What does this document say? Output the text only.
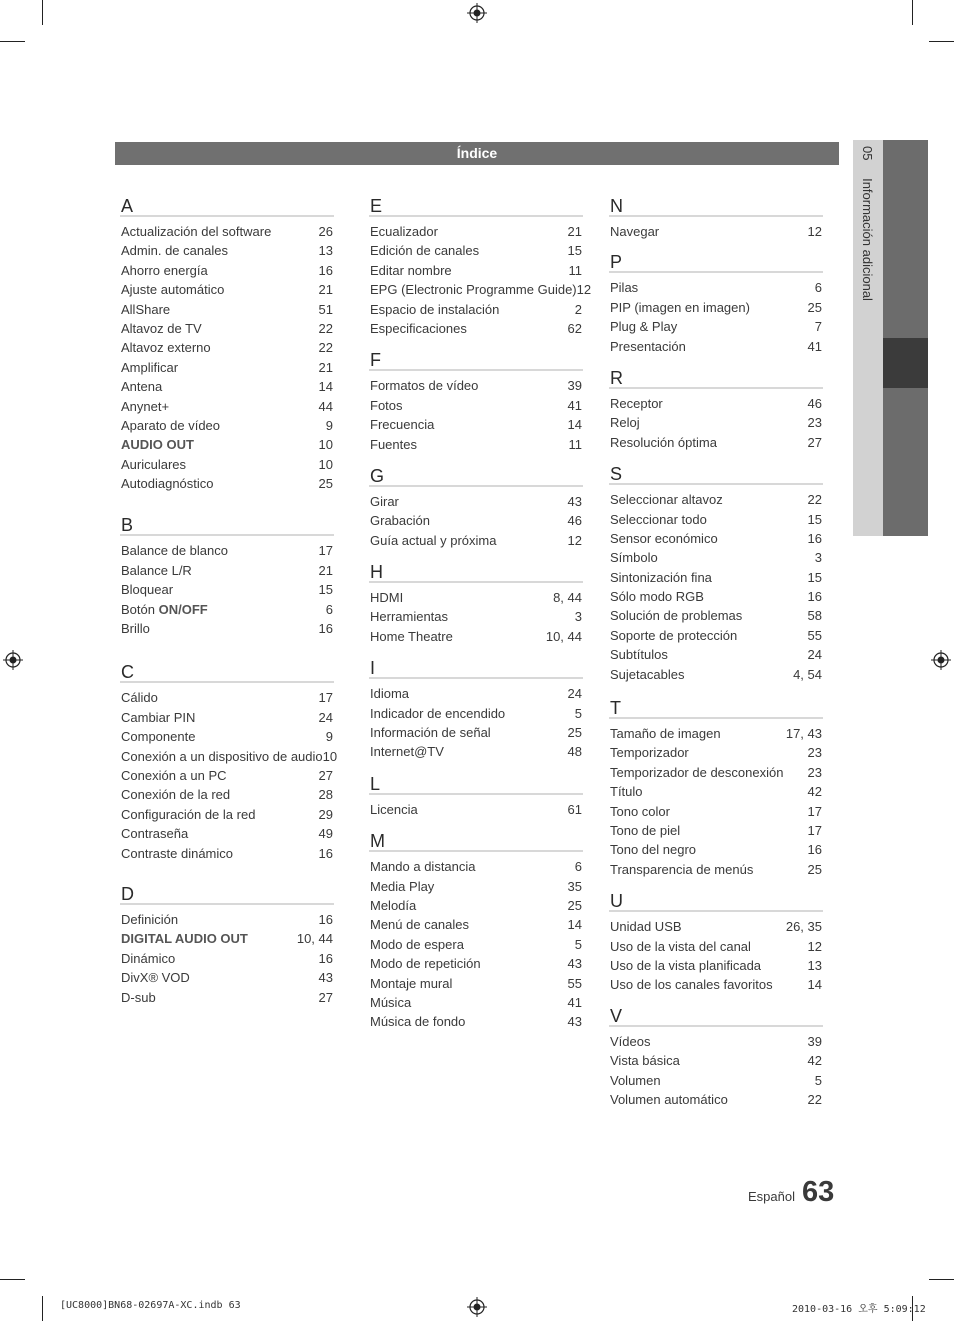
Índice	05 Información adicional
A
Actualización del software	26
Admin. de canales	13
Ahorro energía	16
Ajuste automático	21
AllShare	51
Altavoz de TV	22
Altavoz externo	22
Amplificar	21
Antena	14
Anynet+	44
Aparato de vídeo	9
AUDIO OUT	10
Auriculares	10
Autodiagnóstico	25
B
Balance de blanco	17
Balance L/R	21
Bloquear	15
Botón ON/OFF	6
Brillo	16
C
Cálido	17
Cambiar PIN	24
Componente	9
Conexión a un dispositivo de audio 10
Conexión a un PC	27
Conexión de la red	28
Configuración de la red	29
Contraseña	49
Contraste dinámico	16
D
Definición	16
DIGITAL AUDIO OUT	10, 44
Dinámico	16
DivX® VOD	43
D-sub	27
E
Ecualizador	21
Edición de canales	15
Editar nombre	11
EPG (Electronic Programme Guide) 12
Espacio de instalación	2
Especificaciones	62
F
Formatos de vídeo	39
Fotos	41
Frecuencia	14
Fuentes	11
G
Girar	43
Grabación	46
Guía actual y próxima	12
H
HDMI	8, 44
Herramientas	3
Home Theatre	10, 44
I
Idioma	24
Indicador de encendido	5
Información de señal	25
Internet@TV	48
L
Licencia	61
M
Mando a distancia	6
Media Play	35
Melodía	25
Menú de canales	14
Modo de espera	5
Modo de repetición	43
Montaje mural	55
Música	41
Música de fondo	43
N
Navegar	12
P
Pilas	6
PIP (imagen en imagen)	25
Plug & Play	7
Presentación	41
R
Receptor	46
Reloj	23
Resolución óptima	27
S
Seleccionar altavoz	22
Seleccionar todo	15
Sensor económico	16
Símbolo	3
Sintonización fina	15
Sólo modo RGB	16
Solución de problemas	58
Soporte de protección	55
Subtítulos	24
Sujetacables	4, 54
T
Tamaño de imagen	17, 43
Temporizador	23
Temporizador de desconexión 23
Título	42
Tono color	17
Tono de piel	17
Tono del negro	16
Transparencia de menús	25
U
Unidad USB	26, 35
Uso de la vista del canal	12
Uso de la vista planificada	13
Uso de los canales favoritos	14
V
Vídeos	39
Vista básica	42
Volumen	5
Volumen automático	22
Español 63
[UC8000]BN68-02697A-XC.indb 63	2010-03-16 오후 5:09:12
